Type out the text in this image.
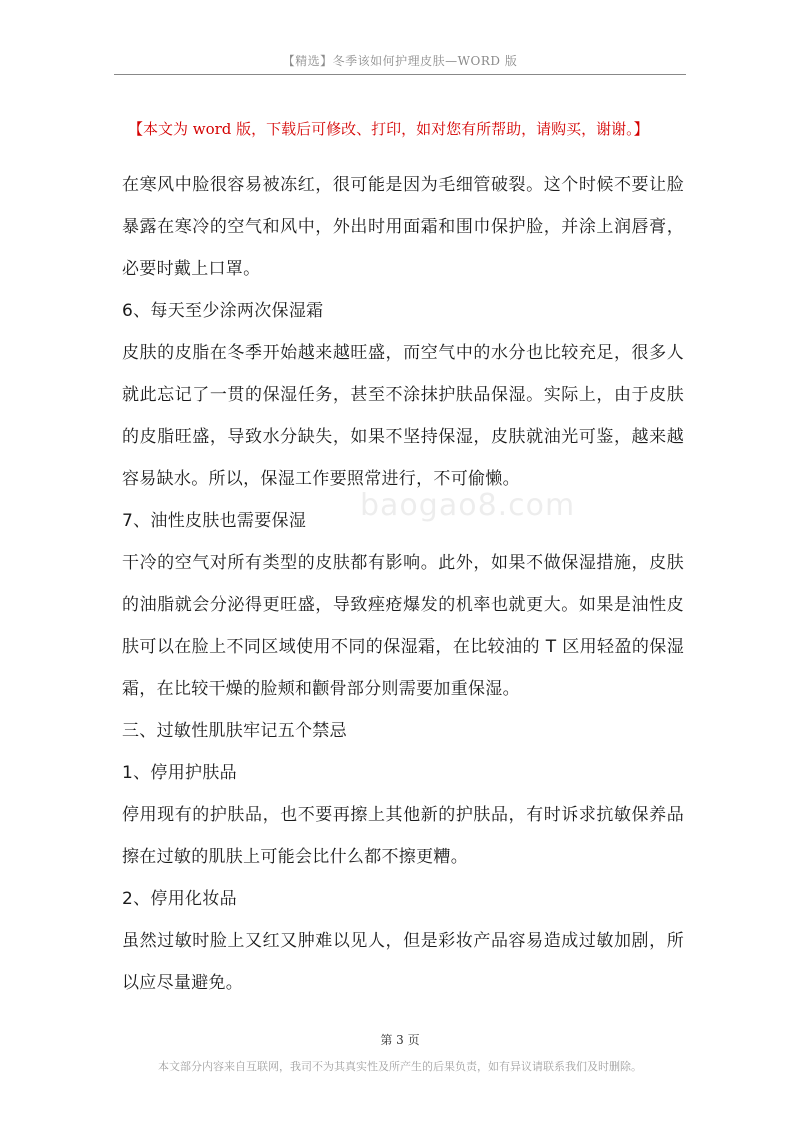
【精选】冬季该如何护理皮肤—WORD 版
【本文为 word 版，下载后可修改、打印，如对您有所帮助，请购买，谢谢。】
baogao8.com

在寒风中脸很容易被冻红，很可能是因为毛细管破裂。这个时候不要让脸暴露在寒冷的空气和风中，外出时用面霜和围巾保护脸，并涂上润唇膏，必要时戴上口罩。

6、每天至少涂两次保湿霜

皮肤的皮脂在冬季开始越来越旺盛，而空气中的水分也比较充足，很多人就此忘记了一贯的保湿任务，甚至不涂抹护肤品保湿。实际上，由于皮肤的皮脂旺盛，导致水分缺失，如果不坚持保湿，皮肤就油光可鉴，越来越容易缺水。所以，保湿工作要照常进行，不可偷懒。

7、油性皮肤也需要保湿

干冷的空气对所有类型的皮肤都有影响。此外，如果不做保湿措施，皮肤的油脂就会分泌得更旺盛，导致痤疮爆发的机率也就更大。如果是油性皮肤可以在脸上不同区域使用不同的保湿霜，在比较油的 T 区用轻盈的保湿霜，在比较干燥的脸颊和颧骨部分则需要加重保湿。

三、过敏性肌肤牢记五个禁忌

1、停用护肤品

停用现有的护肤品，也不要再擦上其他新的护肤品，有时诉求抗敏保养品擦在过敏的肌肤上可能会比什么都不擦更糟。

2、停用化妆品

虽然过敏时脸上又红又肿难以见人，但是彩妆产品容易造成过敏加剧，所以应尽量避免。

第 3 页
本文部分内容来自互联网，我司不为其真实性及所产生的后果负责，如有异议请联系我们及时删除。
